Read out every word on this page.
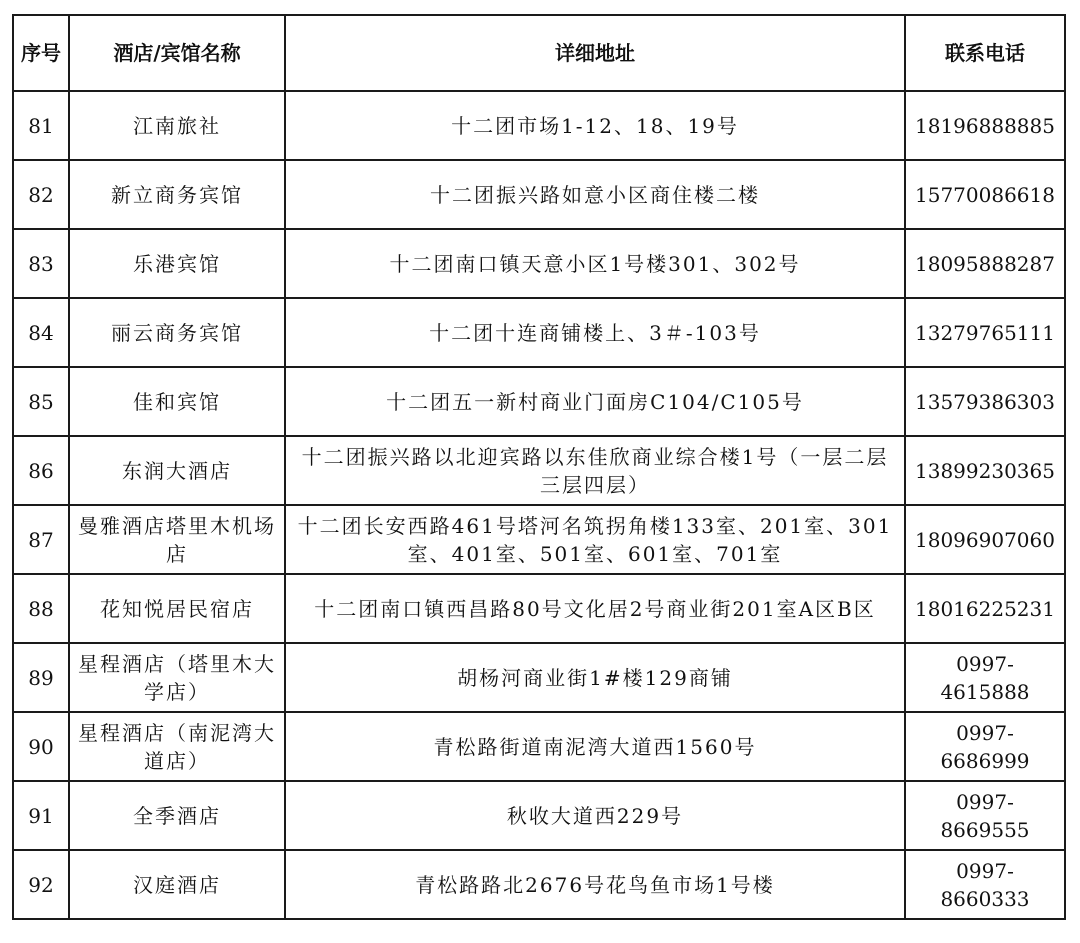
序号	酒店/宾馆名称	详细地址	联系电话
81	江南旅社	十二团市场1-12、18、19号	18196888885
82	新立商务宾馆	十二团振兴路如意小区商住楼二楼	15770086618
83	乐港宾馆	十二团南口镇天意小区1号楼301、302号	18095888287
84	丽云商务宾馆	十二团十连商铺楼上、3＃-103号	13279765111
85	佳和宾馆	十二团五一新村商业门面房C104/C105号	13579386303
86	东润大酒店	十二团振兴路以北迎宾路以东佳欣商业综合楼1号（一层二层三层四层）	13899230365
87	曼雅酒店塔里木机场店	十二团长安西路461号塔河名筑拐角楼133室、201室、301室、401室、501室、601室、701室	18096907060
88	花知悦居民宿店	十二团南口镇西昌路80号文化居2号商业街201室A区B区	18016225231
89	星程酒店（塔里木大学店）	胡杨河商业街1#楼129商铺	0997-4615888
90	星程酒店（南泥湾大道店）	青松路街道南泥湾大道西1560号	0997-6686999
91	全季酒店	秋收大道西229号	0997-8669555
92	汉庭酒店	青松路路北2676号花鸟鱼市场1号楼	0997-8660333
